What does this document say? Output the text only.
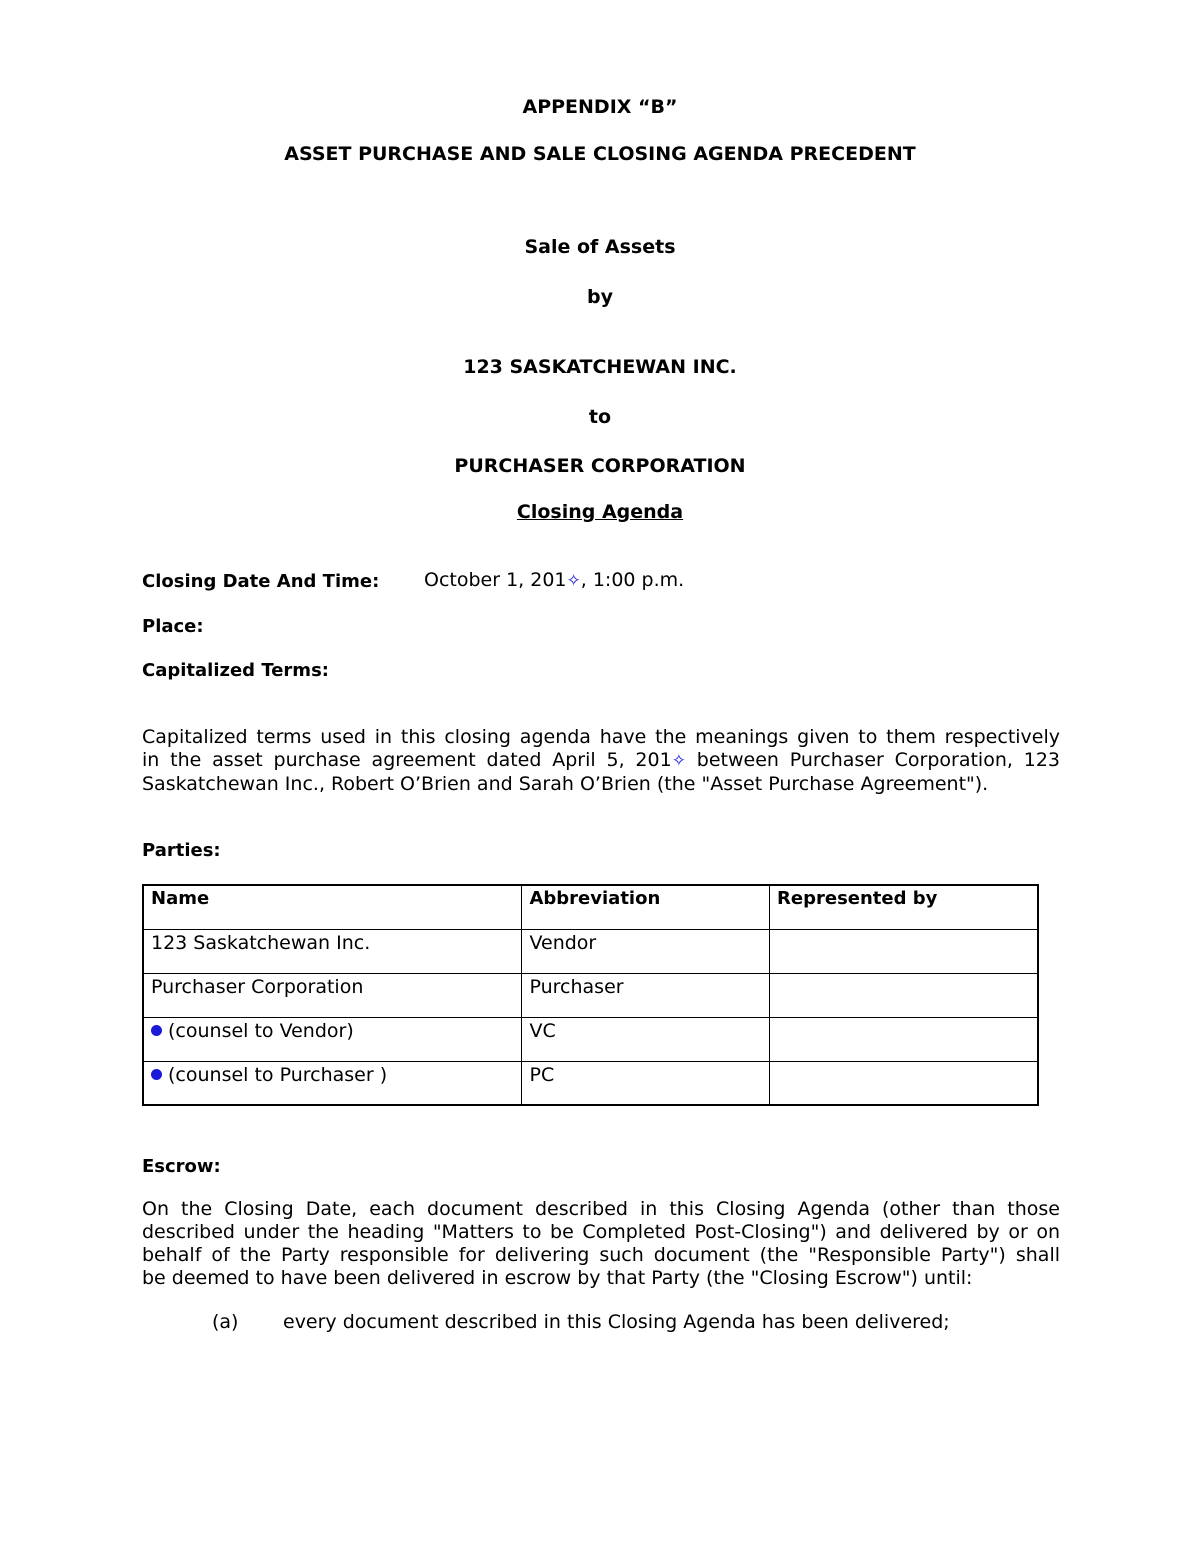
APPENDIX “B”
ASSET PURCHASE AND SALE CLOSING AGENDA PRECEDENT
Sale of Assets
by
123 SASKATCHEWAN INC.
to
PURCHASER CORPORATION
Closing Agenda
Closing Date And Time: October 1, 201✧, 1:00 p.m.
Place:
Capitalized Terms:
Capitalized terms used in this closing agenda have the meanings given to them respectively
in the asset purchase agreement dated April 5, 201✧ between Purchaser Corporation, 123
Saskatchewan Inc., Robert O’Brien and Sarah O’Brien (the "Asset Purchase Agreement").
Parties:
Name	Abbreviation	Represented by
123 Saskatchewan Inc.	Vendor	
Purchaser Corporation	Purchaser	
(counsel to Vendor)	VC	
(counsel to Purchaser )	PC	
Escrow:
On the Closing Date, each document described in this Closing Agenda (other than those
described under the heading "Matters to be Completed Post-Closing") and delivered by or on
behalf of the Party responsible for delivering such document (the "Responsible Party") shall
be deemed to have been delivered in escrow by that Party (the "Closing Escrow") until:
(a) every document described in this Closing Agenda has been delivered;
